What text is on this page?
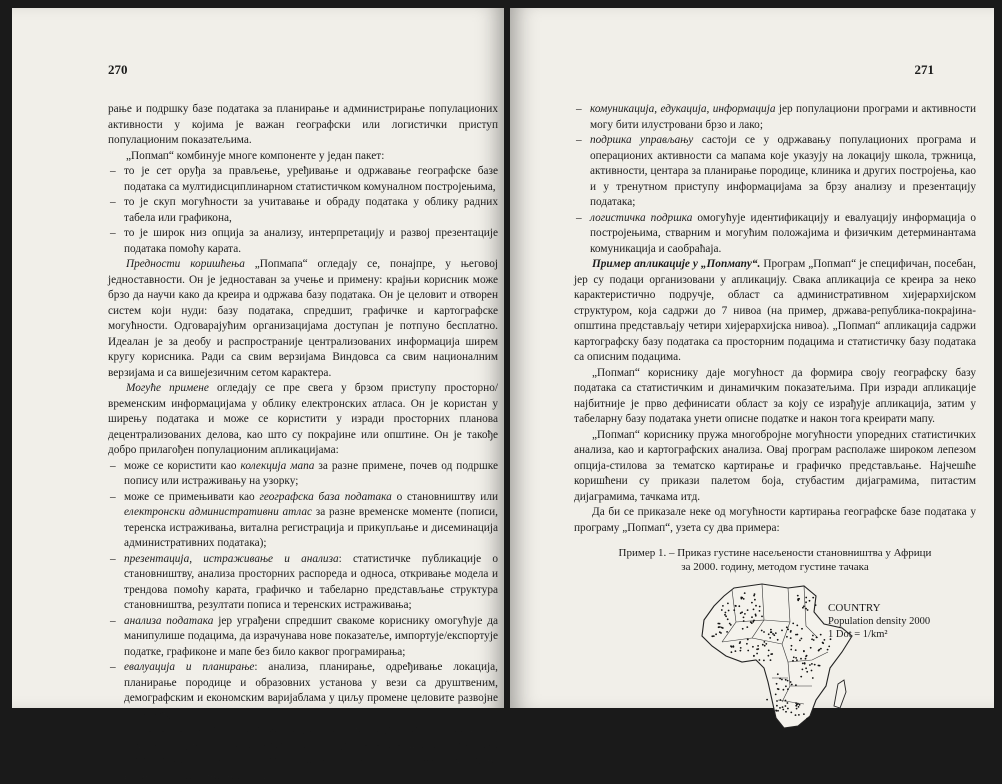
270

рање и подршку базе података за планирање и администрирање популационих активности у којима је важан географски или логистички приступ популационим показатељима.

„Попмап“ комбинује многе компоненте у један пакет:

– то је сет оруђа за прављење, уређивање и одржавање географске базе података са мултидисциплинарном статистичком комуналном постројењима,

– то је скуп могућности за учитавање и обраду података у облику радних табела или графикона,

– то је широк низ опција за анализу, интерпретацију и развој презентације података помоћу карата.

Предности коришћења „Попмапа“ огледају се, понајпре, у његовој једноставности. Он је једноставан за учење и примену: крајњи корисник може брзо да научи како да креира и одржава базу података. Он је целовит и отворен систем који нуди: базу података, спредшит, графичке и картографске могућности. Одговарајућим организацијама доступан је потпуно бесплатно. Идеалан је за деобу и распространије централизованих информација ширем кругу корисника. Ради са свим верзијама Виндовса са свим националним верзијама и са вишејезичним сетом карактера.

Могуће примене огледају се пре свега у брзом приступу просторно/временским информацијама у облику електронских атласа. Он је користан у ширењу података и може се користити у изради просторних планова децентрализованих делова, као што су покрајине или општине. Он је такође добро прилагођен популационим апликацијама:

– може се користити као колекција мапа за разне примене, почев од подршке попису или истраживању на узорку;

– може се примењивати као географска база података о становништву или електронски административни атлас за разне временске моменте (пописи, теренска истраживања, витална регистрација и прикупљање и дисеминација административних података);

– презентација, истраживање и анализа: статистичке публикације о становништву, анализа просторних распореда и односа, откривање модела и трендова помоћу карата, графичко и табеларно представљање структура становништва, резултати пописа и теренских истраживања;

– анализа података јер уграђени спредшит свакоме кориснику омогућује да манипулише подацима, да израчунава нове показатеље, импортује/експортује податке, графиконе и мапе без било каквог програмирања;

– евалуација и планирање: анализа, планирање, одређивање локација, планирање породице и образовних установа у вези са друштвеним, демографским и економским варијаблама у циљу промене целовите развојне политике;

– праћење репродуктивног здравља јер постоје могућности манипулације подацима појединачних ентитета као што су клинике и школе и припреме карата са локацијом активности на популационим програмима у односу на важније групе становништва;

271

– комуникација, едукација, информација јер популациони програми и активности могу бити илустровани брзо и лако;

– подршка управљању састоји се у одржавању популационих програма и операционих активности са мапама које указују на локацију школа, тржница, активности, центара за планирање породице, клиника и других постројења, као и у тренутном приступу информацијама за брзу анализу и презентацију података;

– логистичка подршка омогућује идентификацију и евалуацију информација о постројењима, стварним и могућим положајима и физичким детерминантама комуникација и саобраћаја.

Пример апликације у „Попмапу“. Програм „Попмап“ је специфичан, посебан, јер су подаци организовани у апликацију. Свака апликација се креира за неко карактеристично подручје, област са административном хијерархијском структуром, која садржи до 7 нивоа (на пример, држава-република-покрајина-општина представљају четири хијерархијска нивоа). „Попмап“ апликација садржи картографску базу података са просторним подацима и статистичку базу података са описним подацима.

„Попмап“ кориснику даје могућност да формира своју географску базу података са статистичким и динамичким показатељима. При изради апликације најбитније је прво дефинисати област за коју се израђује апликација, затим у табеларну базу података унети описне податке и након тога креирати мапу.

„Попмап“ кориснику пружа многобројне могућности упоредних статистичких анализа, као и картографских анализа. Овај програм располаже широком лепезом опција-стилова за тематско картирање и графичко представљање. Најчешће коришћени су прикази палетом боја, стубастим дијаграмима, питастим дијаграмима, тачкама итд.

Да би се приказале неке од могућности картирања географске базе података у програму „Попмап“, узета су два примера:

Пример 1. – Приказ густине насељености становништва у Африци
за 2000. годину, методом густине тачака
COUNTRY
Population density 2000
1 Dot = 1/km²
